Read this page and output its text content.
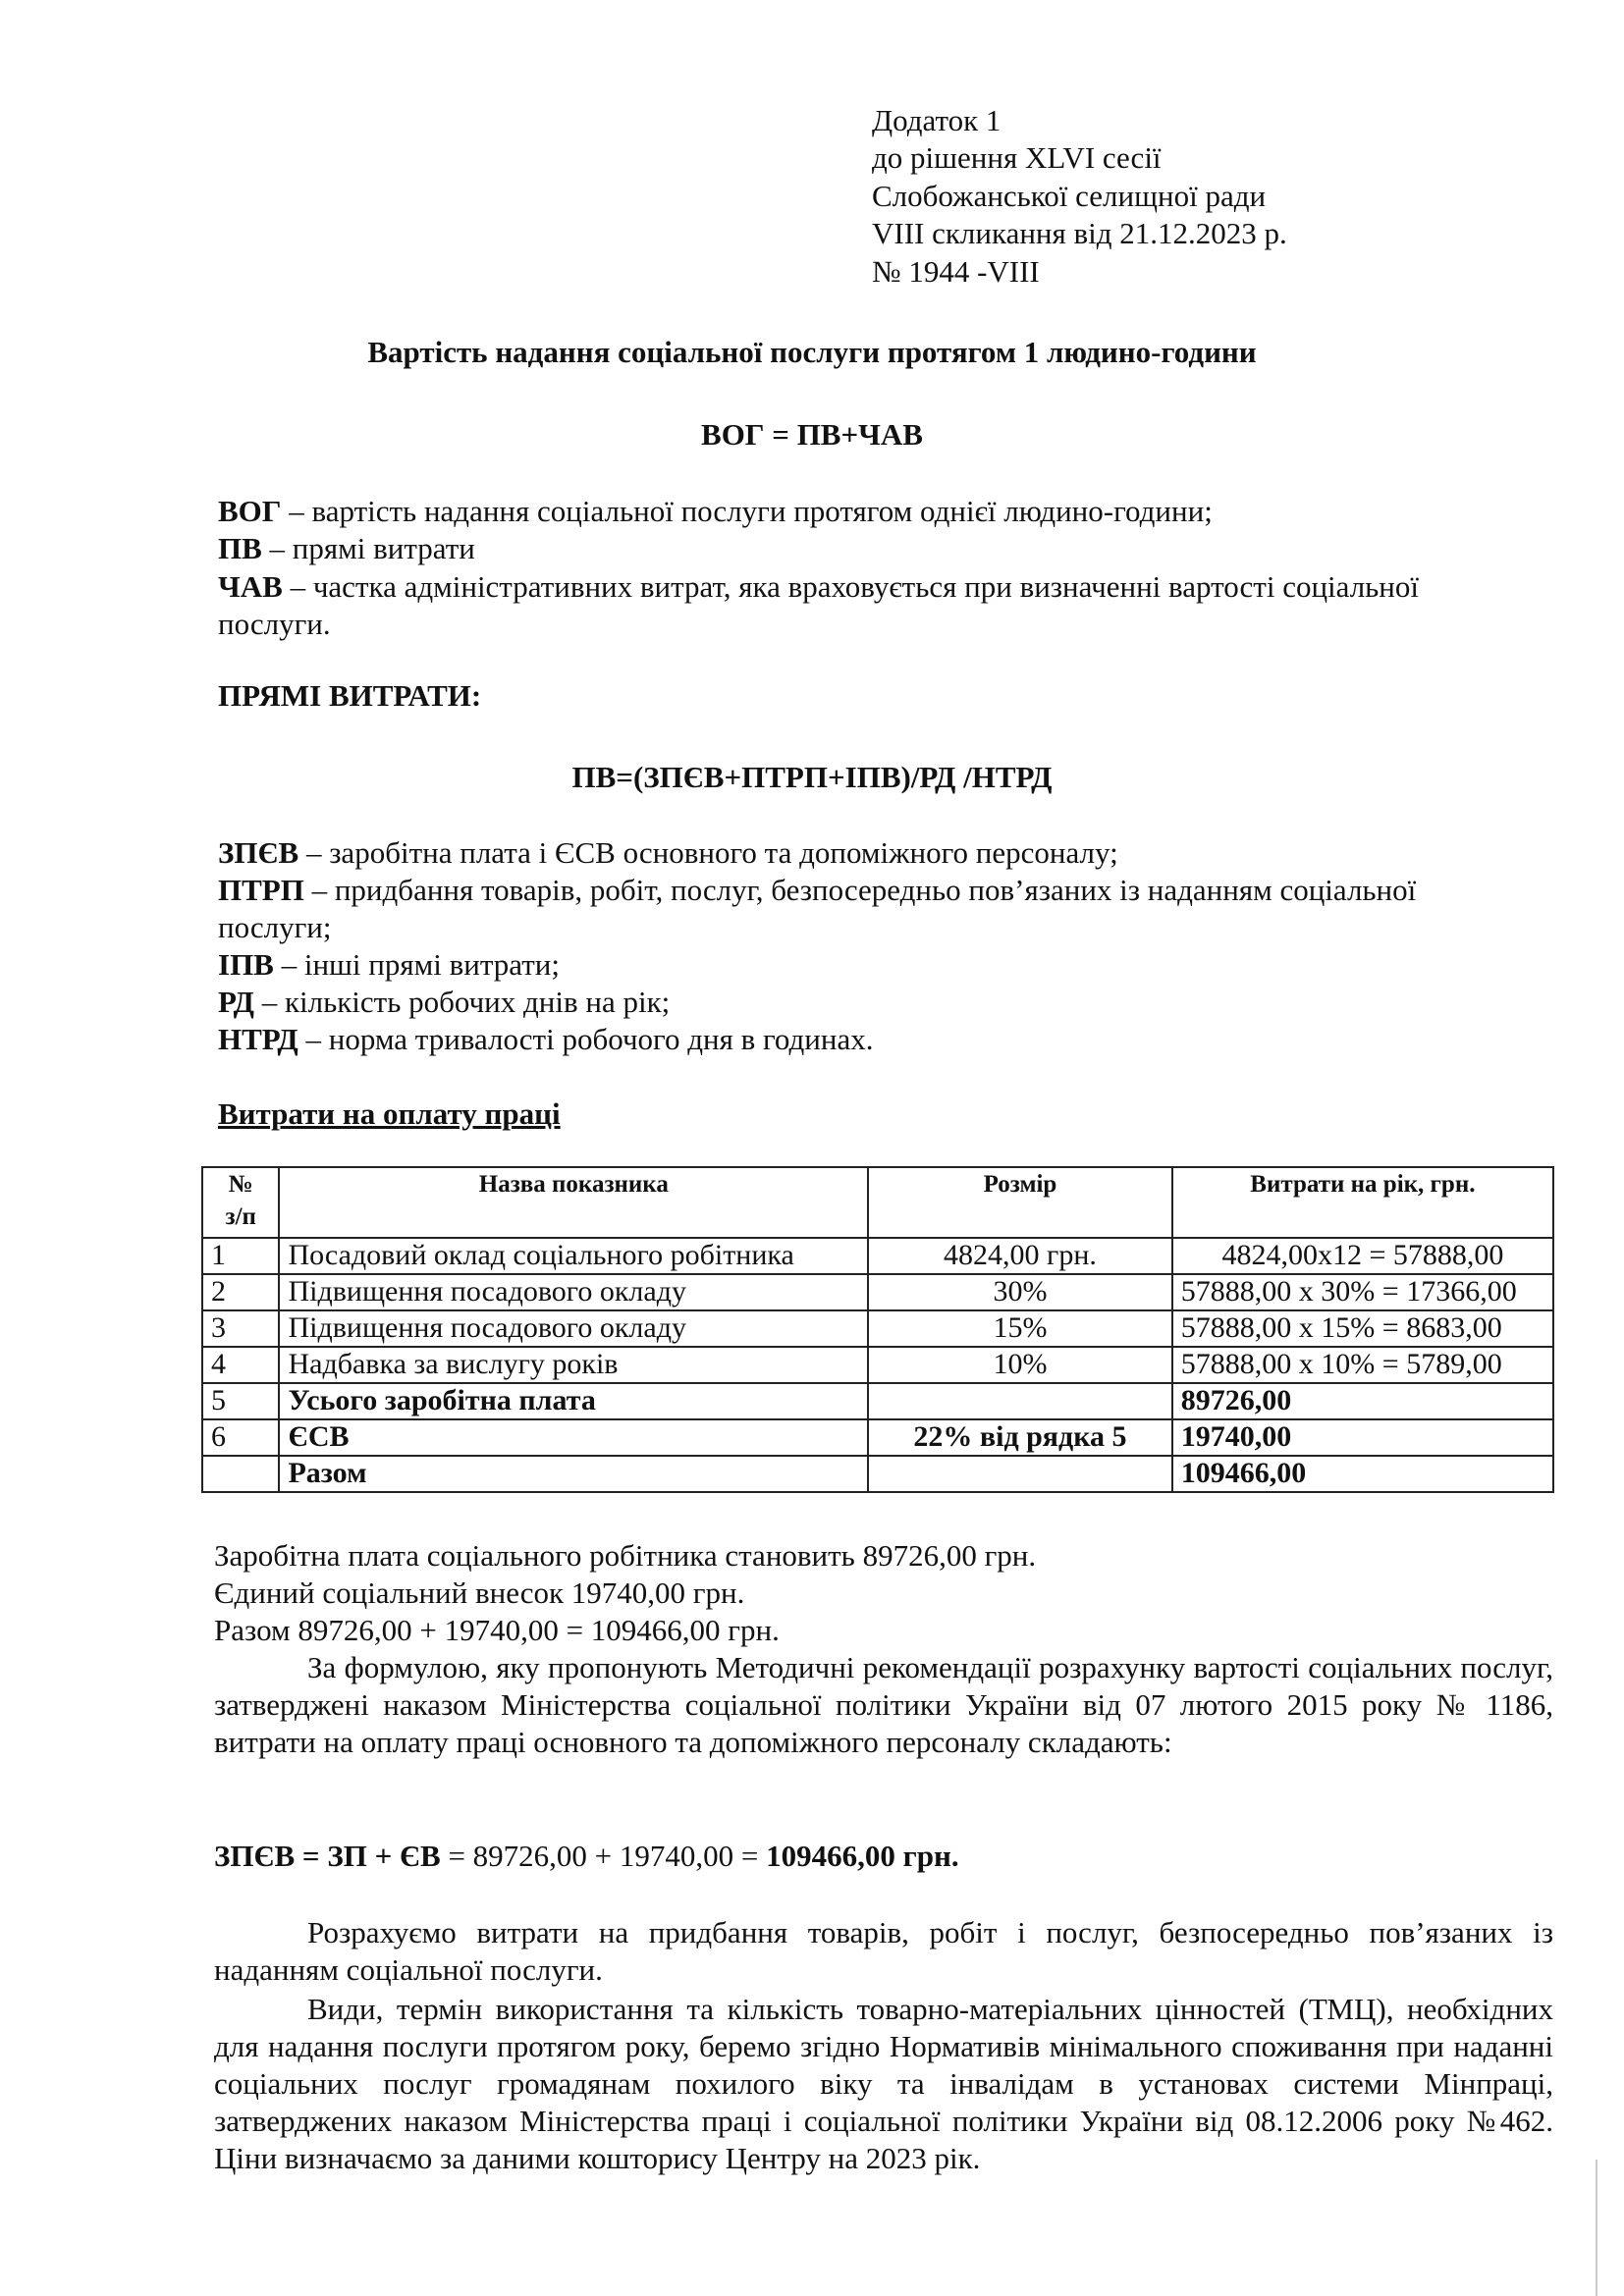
Додаток 1
до рішення XLVI сесії
Слобожанської селищної ради
VIII скликання від 21.12.2023 р.
№ 1944 -VIII
Вартість надання соціальної послуги протягом 1 людино-години
ВОГ = ПВ+ЧАВ
ВОГ – вартість надання соціальної послуги протягом однієї людино-години;
ПВ – прямі витрати
ЧАВ – частка адміністративних витрат, яка враховується при визначенні вартості соціальної
послуги.
ПРЯМІ ВИТРАТИ:
ПВ=(ЗПЄВ+ПТРП+ІПВ)/РД /НТРД
ЗПЄВ – заробітна плата і ЄСВ основного та допоміжного персоналу;
ПТРП – придбання товарів, робіт, послуг, безпосередньо пов’язаних із наданням соціальної
послуги;
ІПВ – інші прямі витрати;
РД – кількість робочих днів на рік;
НТРД – норма тривалості робочого дня в годинах.
Витрати на оплату праці
№
з/п	Назва показника	Розмір	Витрати на рік, грн.
1	Посадовий оклад соціального робітника	4824,00 грн.	4824,00х12 = 57888,00
2	Підвищення посадового окладу	30%	57888,00 х 30% = 17366,00
3	Підвищення посадового окладу	15%	57888,00 х 15% = 8683,00
4	Надбавка за вислугу років	10%	57888,00 х 10% = 5789,00
5	Усього заробітна плата		89726,00
6	ЄСВ	22% від рядка 5	19740,00
	Разом		109466,00
Заробітна плата соціального робітника становить 89726,00 грн.
Єдиний соціальний внесок 19740,00 грн.
Разом 89726,00 + 19740,00 = 109466,00 грн.
За формулою, яку пропонують Методичні рекомендації розрахунку вартості соціальних послуг, затверджені наказом Міністерства соціальної політики України від 07 лютого 2015 року № 1186, витрати на оплату праці основного та допоміжного персоналу складають:
ЗПЄВ = ЗП + ЄВ = 89726,00 + 19740,00 = 109466,00 грн.
Розрахуємо витрати на придбання товарів, робіт і послуг, безпосередньо пов’язаних із наданням соціальної послуги.
Види, термін використання та кількість товарно-матеріальних цінностей (ТМЦ), необхідних для надання послуги протягом року, беремо згідно Нормативів мінімального споживання при наданні соціальних послуг громадянам похилого віку та інвалідам в установах системи Мінпраці, затверджених наказом Міністерства праці і соціальної політики України від 08.12.2006 року №462. Ціни визначаємо за даними кошторису Центру на 2023 рік.
